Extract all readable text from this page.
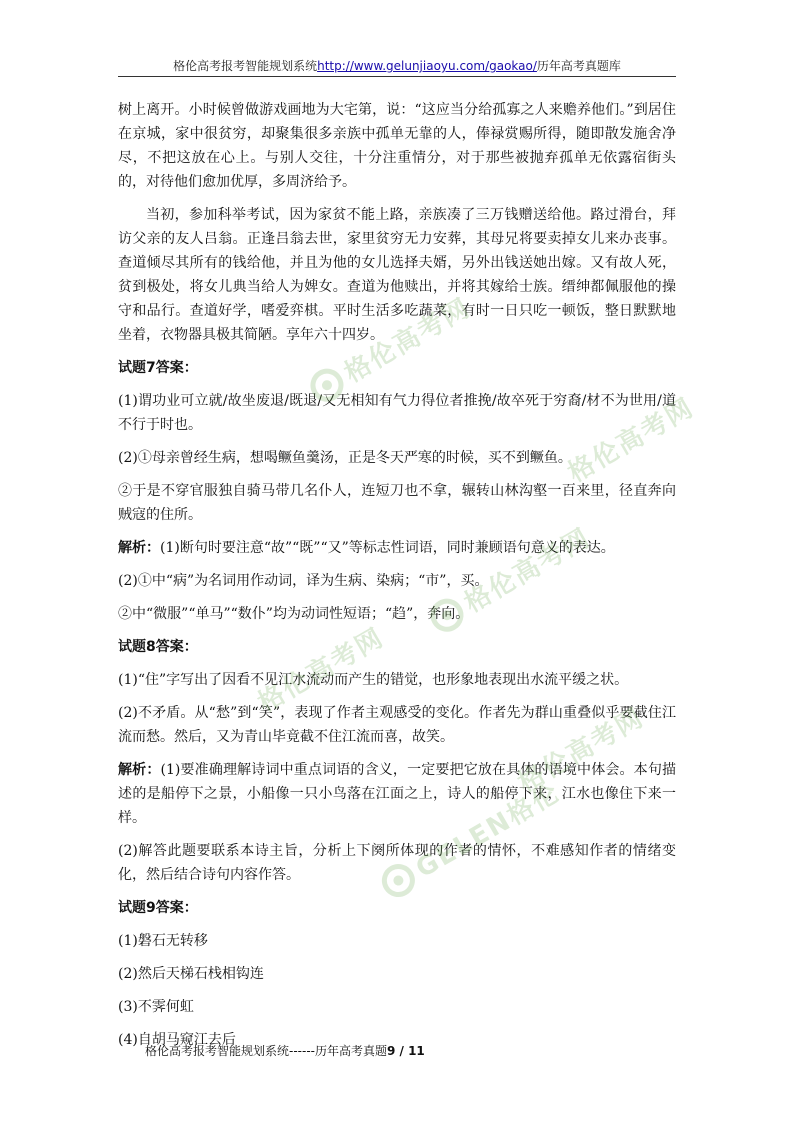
格伦高考报考智能规划系统http://www.gelunjiaoyu.com/gaokao/历年高考真题库

树上离开。小时候曾做游戏画地为大宅第，说：“这应当分给孤寡之人来赡养他们。”到居住在京城，家中很贫穷，却聚集很多亲族中孤单无靠的人，俸禄赏赐所得，随即散发施舍净尽，不把这放在心上。与别人交往，十分注重情分，对于那些被抛弃孤单无依露宿街头的，对待他们愈加优厚，多周济给予。

当初，参加科举考试，因为家贫不能上路，亲族凑了三万钱赠送给他。路过滑台，拜访父亲的友人吕翁。正逢吕翁去世，家里贫穷无力安葬，其母兄将要卖掉女儿来办丧事。查道倾尽其所有的钱给他，并且为他的女儿选择夫婿，另外出钱送她出嫁。又有故人死，贫到极处，将女儿典当给人为婢女。查道为他赎出，并将其嫁给士族。缙绅都佩服他的操守和品行。查道好学，嗜爱弈棋。平时生活多吃蔬菜，有时一日只吃一顿饭，整日默默地坐着，衣物器具极其简陋。享年六十四岁。

试题7答案：

(1)谓功业可立就/故坐废退/既退/又无相知有气力得位者推挽/故卒死于穷裔/材不为世用/道不行于时也。

(2)①母亲曾经生病，想喝鳜鱼羹汤，正是冬天严寒的时候，买不到鳜鱼。

②于是不穿官服独自骑马带几名仆人，连短刀也不拿，辗转山林沟壑一百来里，径直奔向贼寇的住所。

解析：(1)断句时要注意“故”“既”“又”等标志性词语，同时兼顾语句意义的表达。

(2)①中“病”为名词用作动词，译为生病、染病；“市”，买。

②中“微服”“单马”“数仆”均为动词性短语；“趋”，奔向。

试题8答案：

(1)“住”字写出了因看不见江水流动而产生的错觉，也形象地表现出水流平缓之状。

(2)不矛盾。从“愁”到“笑”，表现了作者主观感受的变化。作者先为群山重叠似乎要截住江流而愁。然后，又为青山毕竟截不住江流而喜，故笑。

解析：(1)要准确理解诗词中重点词语的含义，一定要把它放在具体的语境中体会。本句描述的是船停下之景，小船像一只小鸟落在江面之上，诗人的船停下来，江水也像住下来一样。

(2)解答此题要联系本诗主旨，分析上下阕所体现的作者的情怀，不难感知作者的情绪变化，然后结合诗句内容作答。

试题9答案：

(1)磐石无转移

(2)然后天梯石栈相钩连

(3)不霁何虹

(4)自胡马窥江去后

格伦高考报考智能规划系统------历年高考真题9 / 11
格伦高考网
格伦高考网
格伦高考网
格伦高考网
格伦高考网
GELEN格伦
